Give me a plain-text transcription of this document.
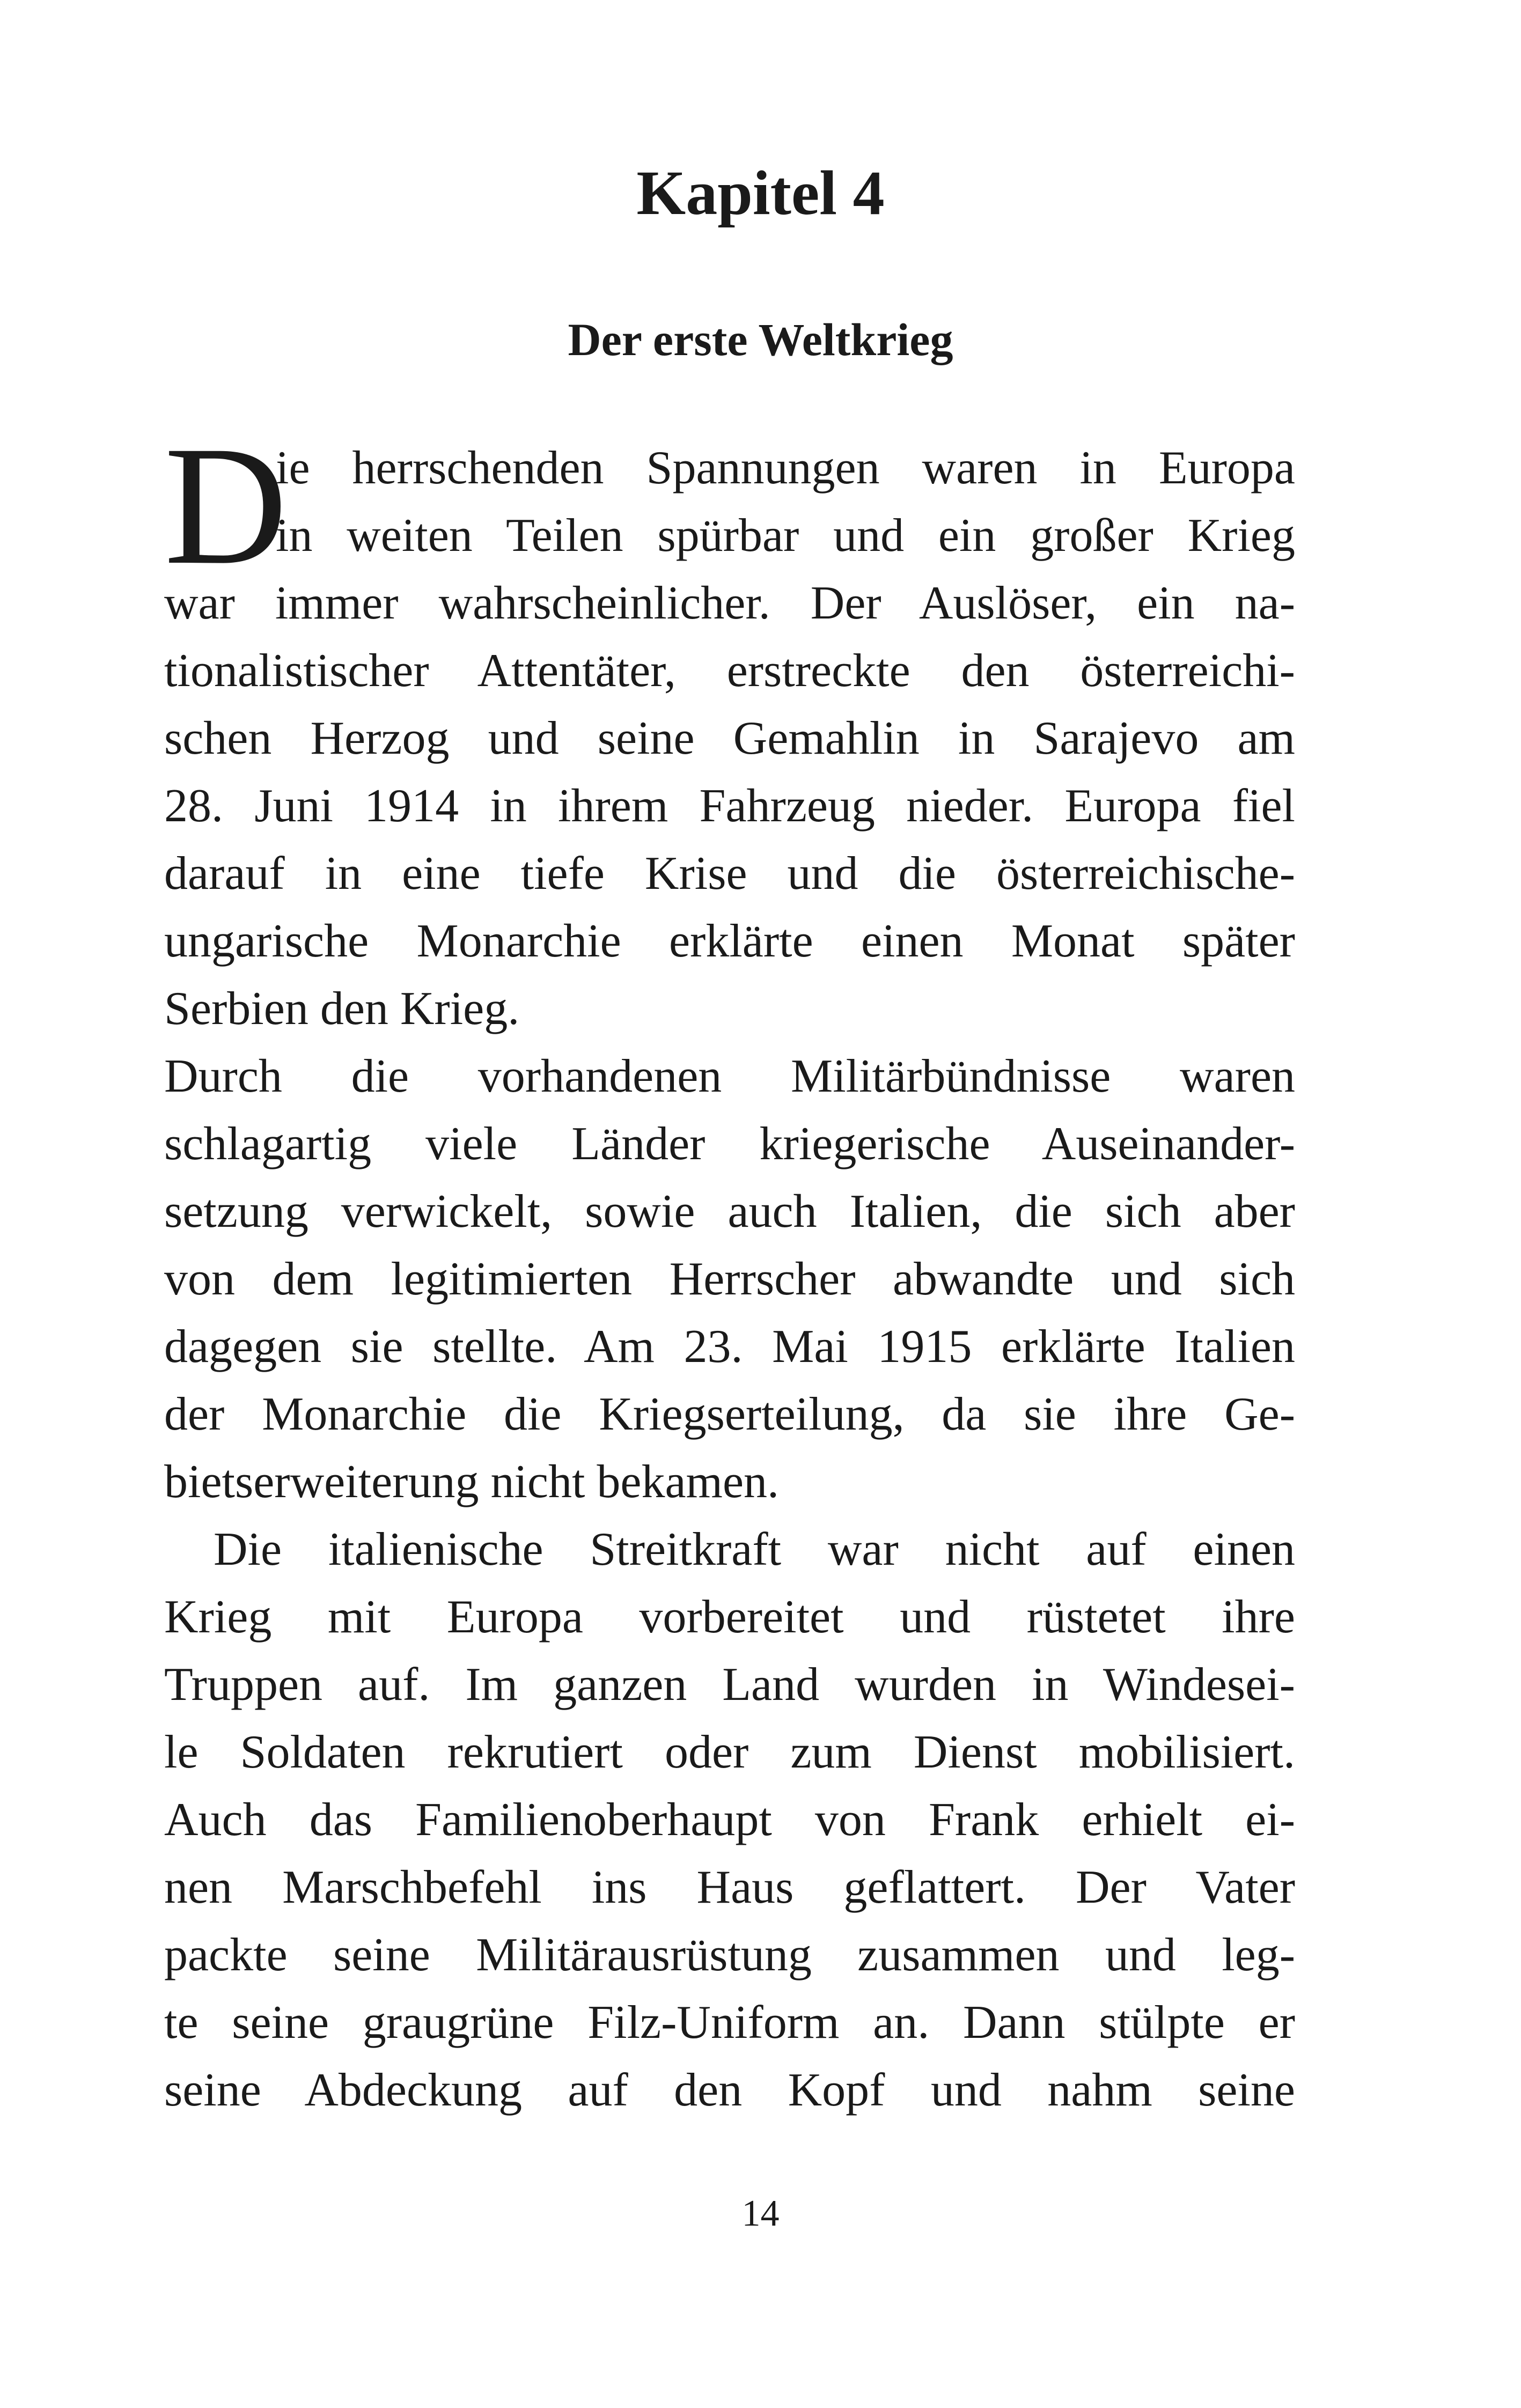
Kapitel 4
Der erste Weltkrieg
D

ie herrschenden Spannungen waren in Europa

in weiten Teilen spürbar und ein großer Krieg

war immer wahrscheinlicher. Der Auslöser, ein na-

tionalistischer Attentäter, erstreckte den österreichi-

schen Herzog und seine Gemahlin in Sarajevo am

28. Juni 1914 in ihrem Fahrzeug nieder. Europa fiel

darauf in eine tiefe Krise und die österreichische-

ungarische Monarchie erklärte einen Monat später

Serbien den Krieg.

Durch die vorhandenen Militärbündnisse waren

schlagartig viele Länder kriegerische Auseinander-

setzung verwickelt, sowie auch Italien, die sich aber

von dem legitimierten Herrscher abwandte und sich

dagegen sie stellte. Am 23. Mai 1915 erklärte Italien

der Monarchie die Kriegserteilung, da sie ihre Ge-

bietserweiterung nicht bekamen.

Die italienische Streitkraft war nicht auf einen

Krieg mit Europa vorbereitet und rüstetet ihre

Truppen auf. Im ganzen Land wurden in Windesei-

le Soldaten rekrutiert oder zum Dienst mobilisiert.

Auch das Familienoberhaupt von Frank erhielt ei-

nen Marschbefehl ins Haus geflattert. Der Vater

packte seine Militärausrüstung zusammen und leg-

te seine graugrüne Filz-Uniform an. Dann stülpte er

seine Abdeckung auf den Kopf und nahm seine

14
